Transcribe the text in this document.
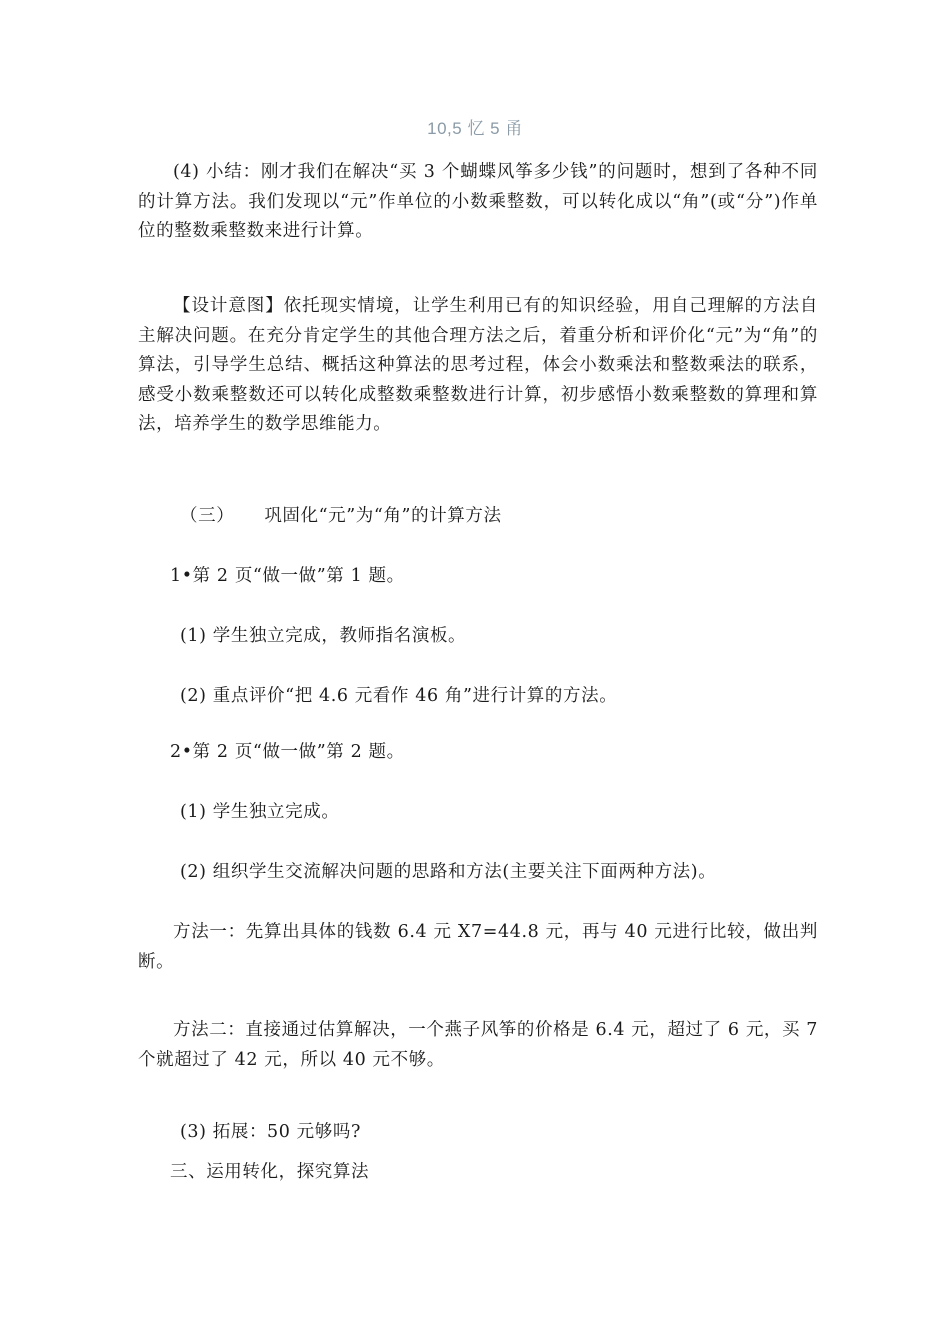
10,5 忆 5 甬

(4) 小结：刚才我们在解决“买 3 个蝴蝶风筝多少钱”的问题时，想到了各种不同的计算方法。我们发现以“元”作单位的小数乘整数，可以转化成以“角”(或“分”)作单位的整数乘整数来进行计算。

【设计意图】依托现实情境，让学生利用已有的知识经验，用自己理解的方法自主解决问题。在充分肯定学生的其他合理方法之后，着重分析和评价化“元”为“角”的算法，引导学生总结、概括这种算法的思考过程，体会小数乘法和整数乘法的联系，感受小数乘整数还可以转化成整数乘整数进行计算，初步感悟小数乘整数的算理和算法，培养学生的数学思维能力。

（三） 巩固化“元”为“角”的计算方法
1•第 2 页“做一做”第 1 题。
(1) 学生独立完成，教师指名演板。
(2) 重点评价“把 4.6 元看作 46 角”进行计算的方法。
2•第 2 页“做一做”第 2 题。
(1) 学生独立完成。
(2) 组织学生交流解决问题的思路和方法(主要关注下面两种方法)。

方法一：先算出具体的钱数 6.4 元 X7=44.8 元，再与 40 元进行比较，做出判断。

方法二：直接通过估算解决，一个燕子风筝的价格是 6.4 元，超过了 6 元，买 7 个就超过了 42 元，所以 40 元不够。

(3) 拓展：50 元够吗?
三、运用转化，探究算法
